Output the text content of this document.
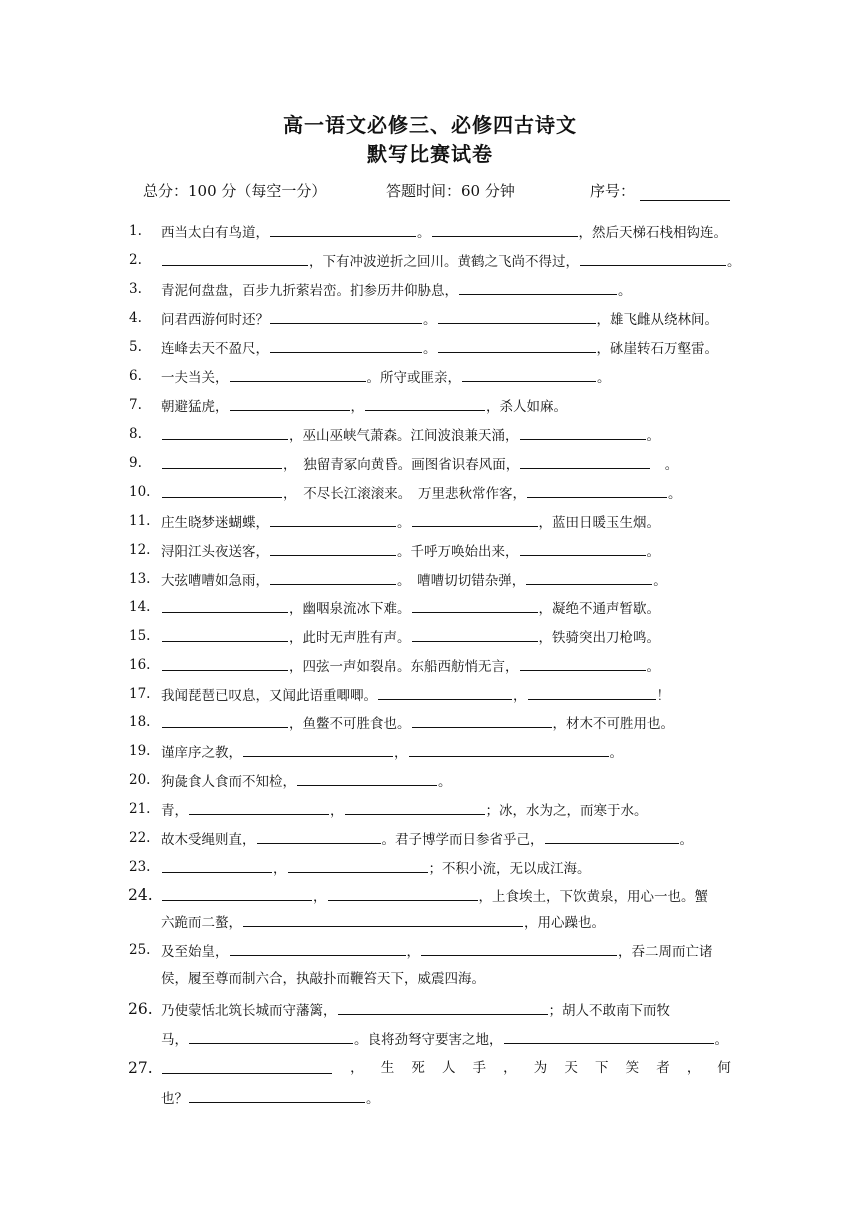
高一语文必修三、必修四古诗文
默写比赛试卷
总分：100 分（每空一分）	答题时间：60 分钟	序号：
1. 西当太白有鸟道，	。	，然后天梯石栈相钩连。
2.	，下有冲波逆折之回川。黄鹤之飞尚不得过，	。
3. 青泥何盘盘，百步九折萦岩峦。扪参历井仰胁息，	。
4. 问君西游何时还？	。	，雄飞雌从绕林间。
5. 连峰去天不盈尺，	。	，砯崖转石万壑雷。
6. 一夫当关，	。所守或匪亲，	。
7. 朝避猛虎，	，	，杀人如麻。
8.	，巫山巫峡气萧森。江间波浪兼天涌，	。
9.	，　独留青冢向黄昏。画图省识春风面，	　。
10.	，　不尽长江滚滚来。　万里悲秋常作客，	。
11. 庄生晓梦迷蝴蝶，	。	，蓝田日暖玉生烟。
12. 浔阳江头夜送客，	。千呼万唤始出来，	。
13. 大弦嘈嘈如急雨，	。　嘈嘈切切错杂弹，	。
14.	，幽咽泉流冰下难。	，凝绝不通声暂歇。
15.	，此时无声胜有声。	，铁骑突出刀枪鸣。
16.	，四弦一声如裂帛。东船西舫悄无言，	。
17. 我闻琵琶已叹息，又闻此语重唧唧。	，	！
18.	，鱼鳖不可胜食也。	，材木不可胜用也。
19. 谨庠序之教，	，	。
20. 狗彘食人食而不知检，	。
21. 青，	，	；冰，水为之，而寒于水。
22. 故木受绳则直，	。君子博学而日参省乎己，	。
23.	，	；不积小流，无以成江海。
24.	，	，上食埃土，下饮黄泉，用心一也。蟹
六跪而二螯，	，用心躁也。
25. 及至始皇，	，	，吞二周而亡诸
侯，履至尊而制六合，执敲扑而鞭笞天下，威震四海。
26. 乃使蒙恬北筑长城而守藩篱，	；胡人不敢南下而牧
马，	。良将劲弩守要害之地，	。
27.	， 生 死 人 手 ， 为 天 下 笑 者 ， 何
也？	。
